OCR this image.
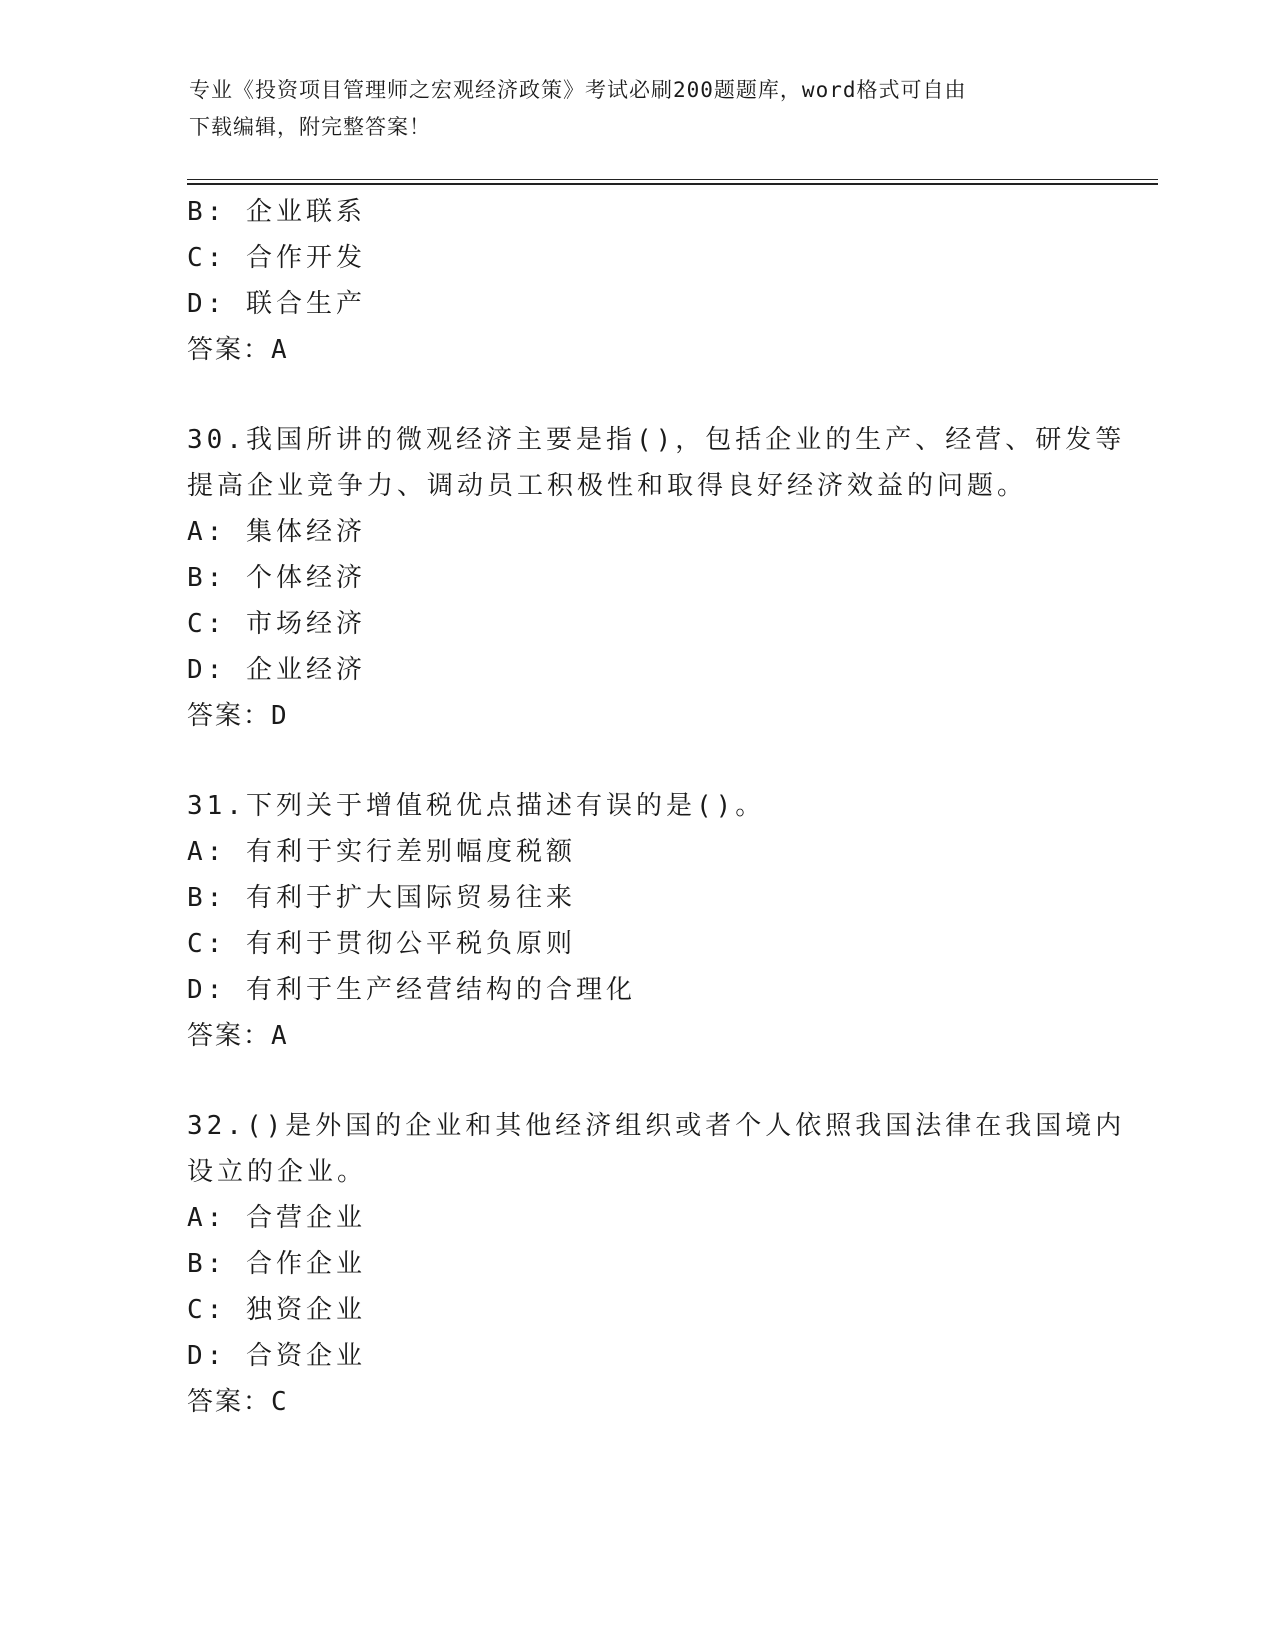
专业《投资项目管理师之宏观经济政策》考试必刷200题题库，word格式可自由
下载编辑，附完整答案！
B: 企业联系
C: 合作开发
D: 联合生产
答案：A
30.我国所讲的微观经济主要是指()，包括企业的生产、经营、研发等
提高企业竞争力、调动员工积极性和取得良好经济效益的问题。
A: 集体经济
B: 个体经济
C: 市场经济
D: 企业经济
答案：D
31.下列关于增值税优点描述有误的是()。
A: 有利于实行差别幅度税额
B: 有利于扩大国际贸易往来
C: 有利于贯彻公平税负原则
D: 有利于生产经营结构的合理化
答案：A
32.()是外国的企业和其他经济组织或者个人依照我国法律在我国境内
设立的企业。
A: 合营企业
B: 合作企业
C: 独资企业
D: 合资企业
答案：C
